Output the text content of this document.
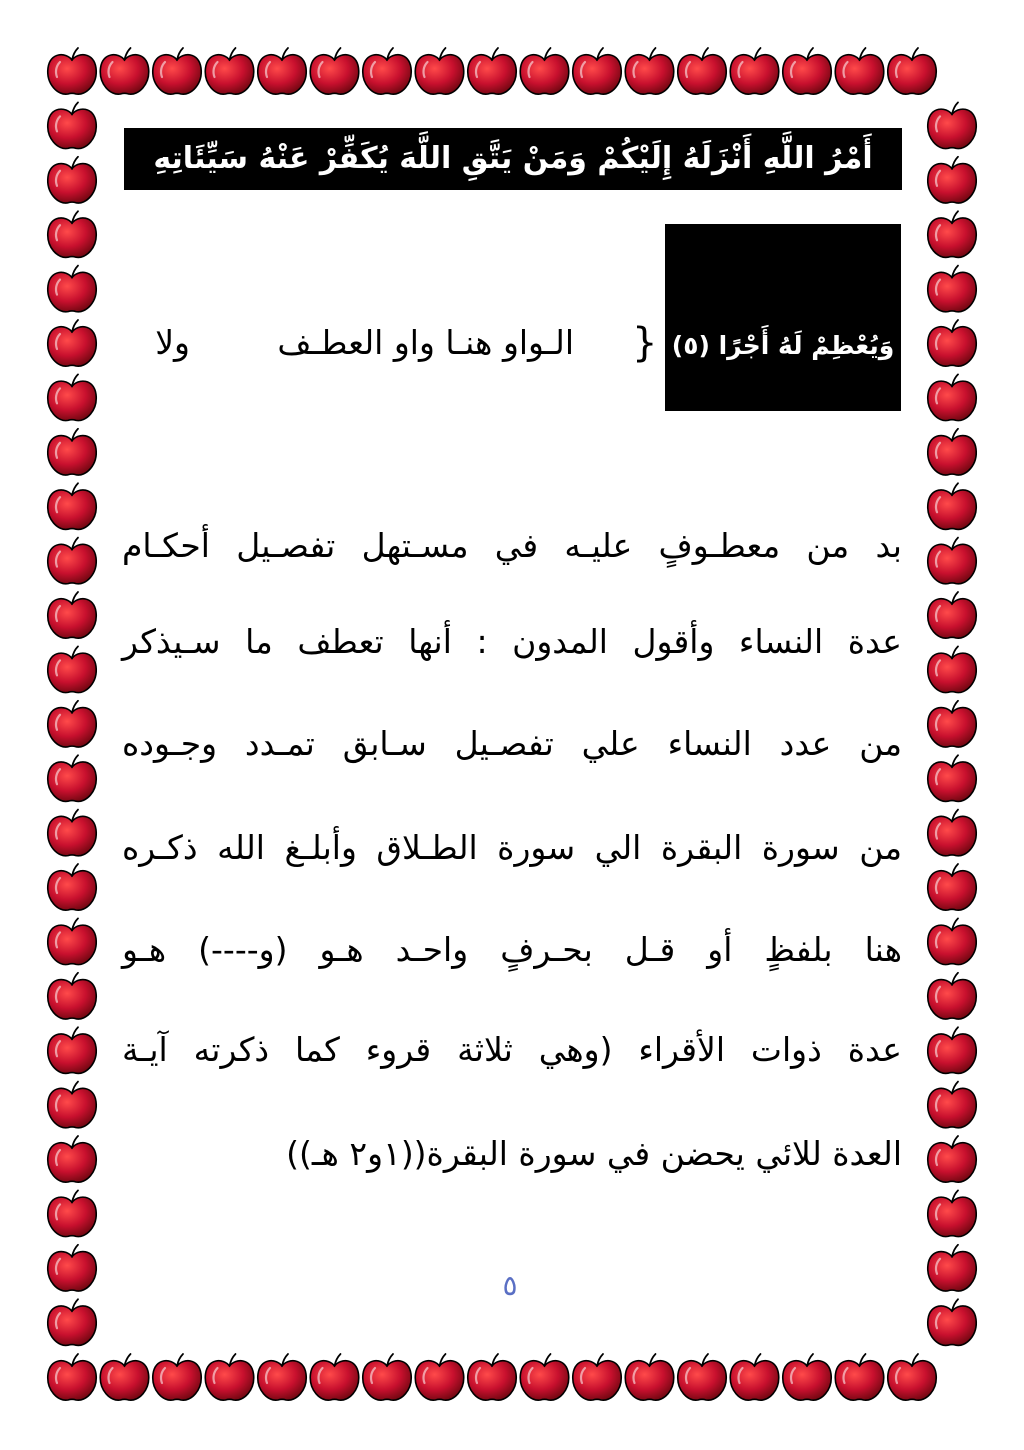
أَمْرُ اللَّهِ أَنْزَلَهُ إِلَيْكُمْ وَمَنْ يَتَّقِ اللَّهَ يُكَفِّرْ عَنْهُ سَيِّئَاتِهِ
وَيُعْظِمْ لَهُ أَجْرًا (٥)
}
الـواو هنـا واو العطـف
ولا
بد من معطـوفٍ عليـه في مسـتهل تفصـيل أحكـام
عدة النساء وأقول المدون : أنها تعطف ما سـيذكر
من عدد النساء علي تفصـيل سـابق تمـدد وجـوده
من سورة البقرة الي سورة الطـلاق وأبلـغ الله ذكـره
هنا بلفظٍ أو قـل بحـرفٍ واحـد هـو (و----) هـو
عدة ذوات الأقراء (وهي ثلاثة قروء كما ذكرته آيـة
العدة للائي يحضن في سورة البقرة((١و٢ هـ))
٥
